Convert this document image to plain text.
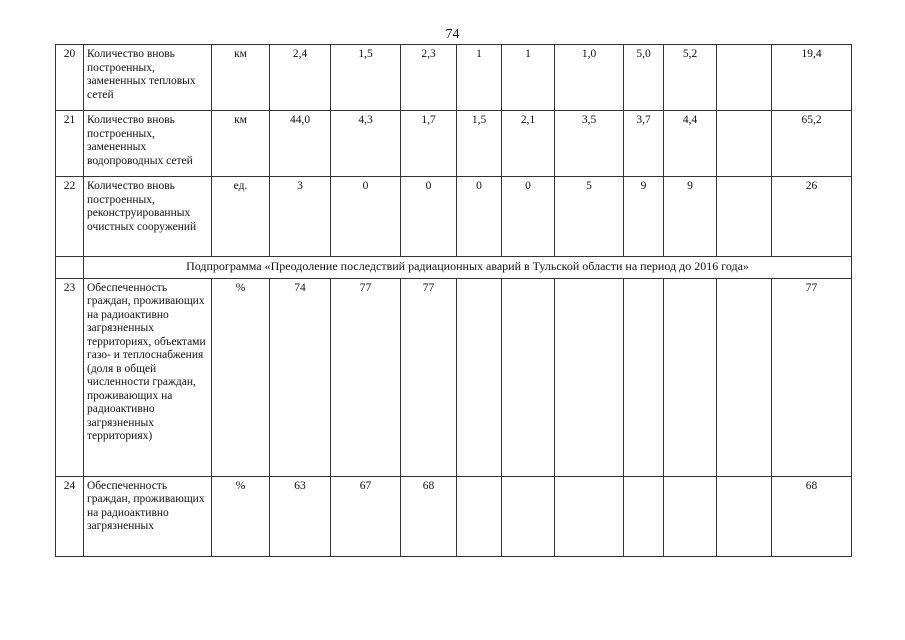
74
20	Количество вновь построенных, замененных тепловых сетей	км	2,4	1,5	2,3	1	1	1,0	5,0	5,2		19,4
21	Количество вновь построенных, замененных водопроводных сетей	км	44,0	4,3	1,7	1,5	2,1	3,5	3,7	4,4		65,2
22	Количество вновь построенных, реконструированных очистных сооружений	ед.	3	0	0	0	0	5	9	9		26
	Подпрограмма «Преодоление последствий радиационных аварий в Тульской области на период до 2016 года»											
23	Обеспеченность граждан, проживающих на радиоактивно загрязненных территориях, объектами газо- и теплоснабжения (доля в общей численности граждан, проживающих на радиоактивно загрязненных территориях)	%	74	77	77							77
24	Обеспеченность граждан, проживающих на радиоактивно загрязненных	%	63	67	68							68
